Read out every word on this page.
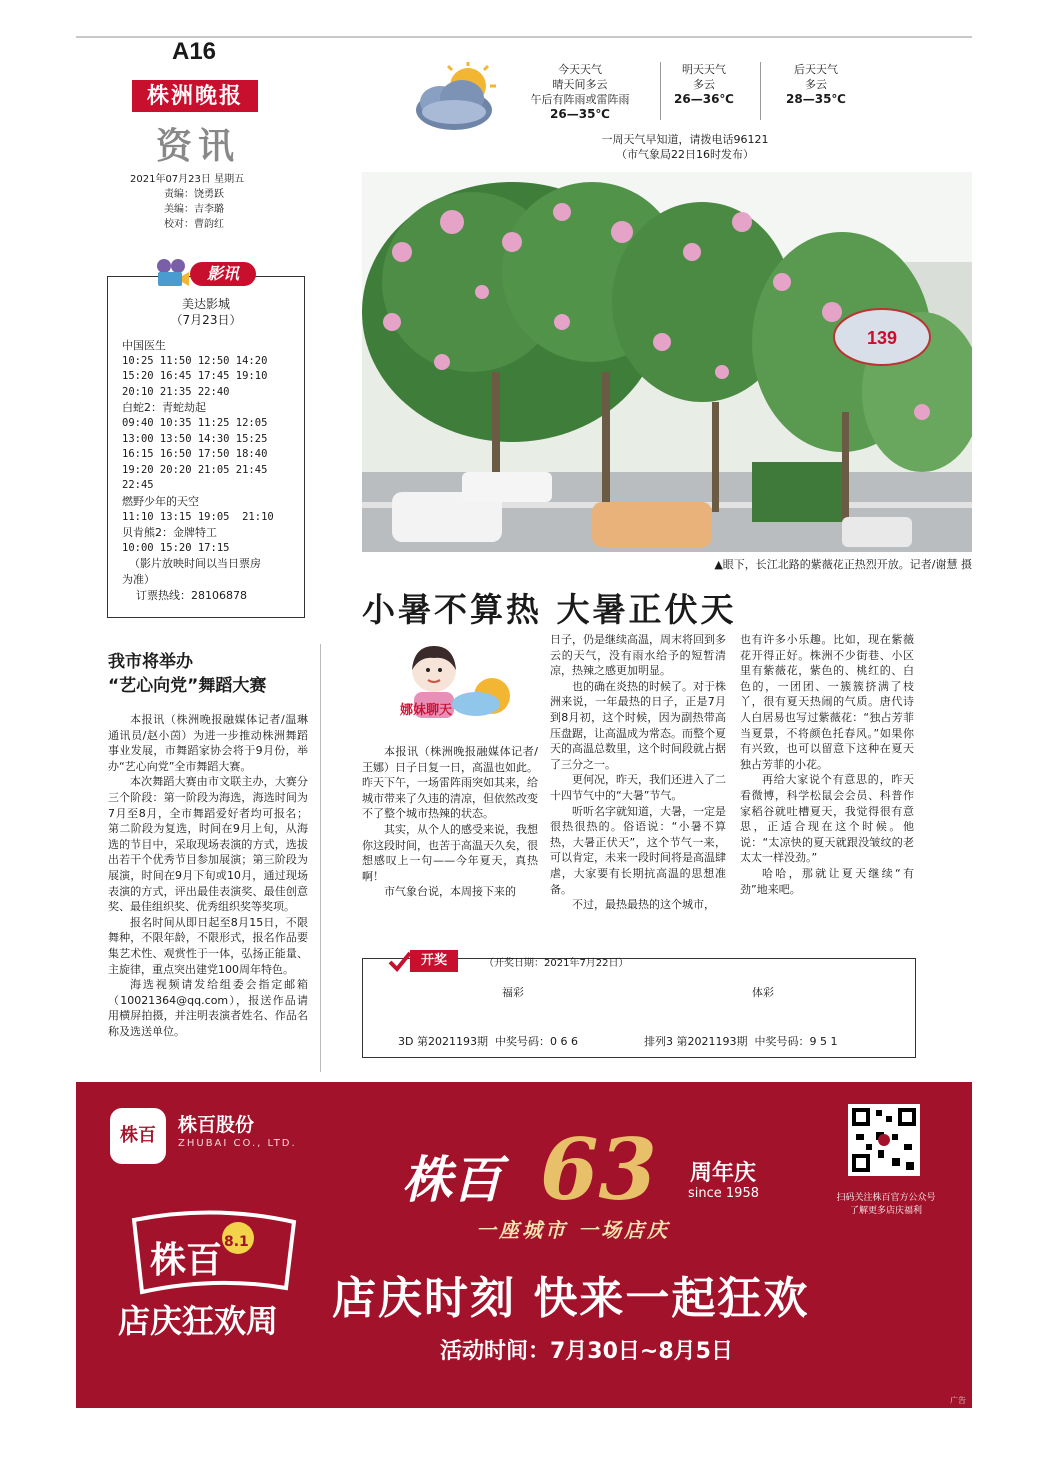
A16
株洲晚报
资讯
2021年07月23日 星期五
责编：饶勇跃
美编：吉李璐
校对：曹韵红
今天天气
晴天间多云
午后有阵雨或雷阵雨
26—35℃
明天天气
多云
26—36℃
后天天气
多云
28—35℃
一周天气早知道，请拨电话96121
（市气象局22日16时发布）
139
▲眼下，长江北路的紫薇花正热烈开放。记者/谢慧 摄
小暑不算热 大暑正伏天
影讯
美达影城
（7月23日）
中国医生
10:25 11:50 12:50 14:20
15:20 16:45 17:45 19:10
20:10 21:35 22:40
白蛇2：青蛇劫起
09:40 10:35 11:25 12:05
13:00 13:50 14:30 15:25
16:15 16:50 17:50 18:40
19:20 20:20 21:05 21:45
22:45
燃野少年的天空
11:10 13:15 19:05  21:10
贝肯熊2：金牌特工
10:00 15:20 17:15
（影片放映时间以当日票房
为准）
订票热线：28106878
我市将举办
“艺心向党”舞蹈大赛

本报讯（株洲晚报融媒体记者/温琳 通讯员/赵小茵）为进一步推动株洲舞蹈事业发展，市舞蹈家协会将于9月份，举办“艺心向党”全市舞蹈大赛。

本次舞蹈大赛由市文联主办，大赛分三个阶段：第一阶段为海选，海选时间为7月至8月，全市舞蹈爱好者均可报名；第二阶段为复选，时间在9月上旬，从海选的节目中，采取现场表演的方式，选拔出若干个优秀节目参加展演；第三阶段为展演，时间在9月下旬或10月，通过现场表演的方式，评出最佳表演奖、最佳创意奖、最佳组织奖、优秀组织奖等奖项。

报名时间从即日起至8月15日，不限舞种，不限年龄，不限形式，报名作品要集艺术性、观赏性于一体，弘扬正能量、主旋律，重点突出建党100周年特色。

海选视频请发给组委会指定邮箱（10021364@qq.com），报送作品请用横屏拍摄，并注明表演者姓名、作品名称及选送单位。

娜妹聊天

本报讯（株洲晚报融媒体记者/王娜）日子日复一日，高温也如此。昨天下午，一场雷阵雨突如其来，给城市带来了久违的清凉，但依然改变不了整个城市热辣的状态。

其实，从个人的感受来说，我想你这段时间，也苦于高温天久矣，很想感叹上一句——今年夏天，真热啊！

市气象台说，本周接下来的

日子，仍是继续高温，周末将回到多云的天气，没有雨水给予的短暂清凉，热辣之感更加明显。

也的确在炎热的时候了。对于株洲来说，一年最热的日子，正是7月到8月初，这个时候，因为副热带高压盘踞，让高温成为常态。而整个夏天的高温总数里，这个时间段就占据了三分之一。

更何况，昨天，我们还进入了二十四节气中的“大暑”节气。

听听名字就知道，大暑，一定是很热很热的。俗语说：“小暑不算热，大暑正伏天”，这个节气一来，可以肯定，未来一段时间将是高温肆虐，大家要有长期抗高温的思想准备。

不过，最热最热的这个城市，

也有许多小乐趣。比如，现在紫薇花开得正好。株洲不少街巷、小区里有紫薇花，紫色的、桃红的、白色的，一团团、一簇簇挤满了枝丫，很有夏天热闹的气质。唐代诗人白居易也写过紫薇花：“独占芳菲当夏景，不将颜色托春风。”如果你有兴致，也可以留意下这种在夏天独占芳菲的小花。

再给大家说个有意思的，昨天看微博，科学松鼠会会员、科普作家稻谷就吐槽夏天，我觉得很有意思，正适合现在这个时候。他说：“太凉快的夏天就跟没皱纹的老太太一样没劲。”

哈哈，那就让夏天继续“有劲”地来吧。

开奖	（开奖日期：2021年7月22日）
福彩	体彩

3D 第2021193期  中奖号码：0 6 6

	排列3 第2021193期  中奖号码：9 5 1

株百	株百股份
ZHUBAI CO., LTD.
株百 8.1
店庆狂欢周
株百 63 周年庆
since 1958
一座城市 一场店庆
店庆时刻 快来一起狂欢
活动时间：7月30日~8月5日
扫码关注株百官方公众号
了解更多店庆福利
广告
